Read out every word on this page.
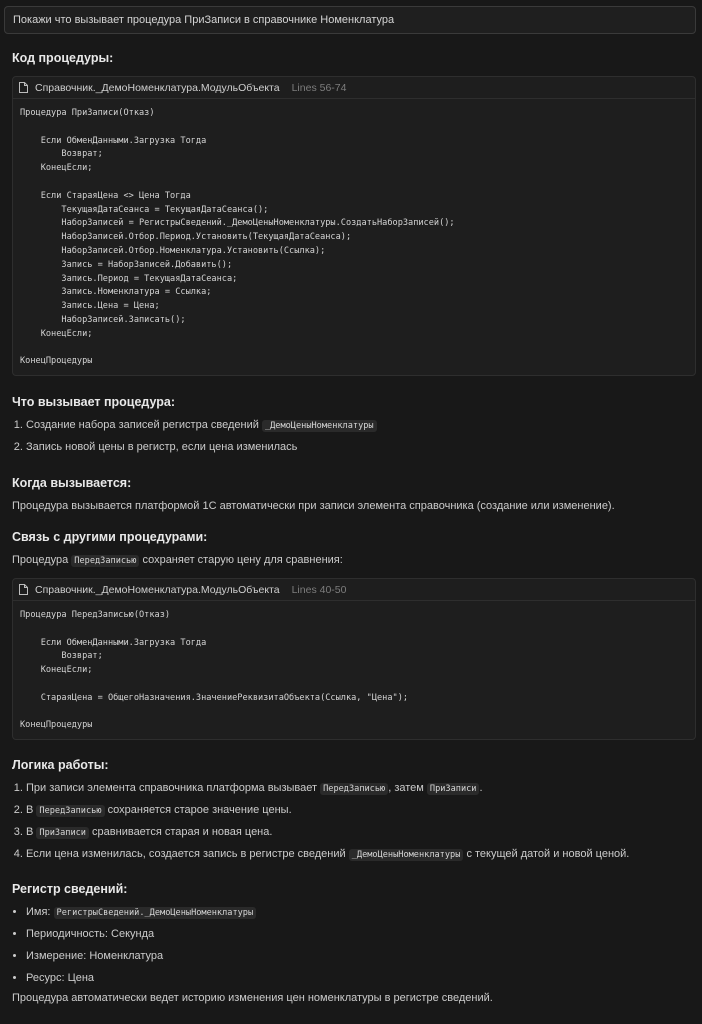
Покажи что вызывает процедура ПриЗаписи в справочнике Номенклатура
Код процедуры:
Справочник._ДемоНоменклатура.МодульОбъекта Lines 56-74
Процедура ПриЗаписи(Отказ)

Если ОбменДанными.Загрузка Тогда
Возврат;
КонецЕсли;

Если СтараяЦена <> Цена Тогда
ТекущаяДатаСеанса = ТекущаяДатаСеанса();
НаборЗаписей = РегистрыСведений._ДемоЦеныНоменклатуры.СоздатьНаборЗаписей();
НаборЗаписей.Отбор.Период.Установить(ТекущаяДатаСеанса);
НаборЗаписей.Отбор.Номенклатура.Установить(Ссылка);
Запись = НаборЗаписей.Добавить();
Запись.Период = ТекущаяДатаСеанса;
Запись.Номенклатура = Ссылка;
Запись.Цена = Цена;
НаборЗаписей.Записать();
КонецЕсли;

КонецПроцедуры
Что вызывает процедура:
1. Создание набора записей регистра сведений _ДемоЦеныНоменклатуры
2. Запись новой цены в регистр, если цена изменилась
Когда вызывается:

Процедура вызывается платформой 1С автоматически при записи элемента справочника (создание или изменение).

Связь с другими процедурами:

Процедура ПередЗаписью сохраняет старую цену для сравнения:

Справочник._ДемоНоменклатура.МодульОбъекта Lines 40-50
Процедура ПередЗаписью(Отказ)

Если ОбменДанными.Загрузка Тогда
Возврат;
КонецЕсли;

СтараяЦена = ОбщегоНазначения.ЗначениеРеквизитаОбъекта(Ссылка, "Цена");

КонецПроцедуры
Логика работы:
1. При записи элемента справочника платформа вызывает ПередЗаписью , затем ПриЗаписи .
2. В ПередЗаписью сохраняется старое значение цены.
3. В ПриЗаписи сравнивается старая и новая цена.
4. Если цена изменилась, создается запись в регистре сведений _ДемоЦеныНоменклатуры с текущей датой и новой ценой.
Регистр сведений:
• Имя: РегистрыСведений._ДемоЦеныНоменклатуры
• Периодичность: Секунда
• Измерение: Номенклатура
• Ресурс: Цена

Процедура автоматически ведет историю изменения цен номенклатуры в регистре сведений.
